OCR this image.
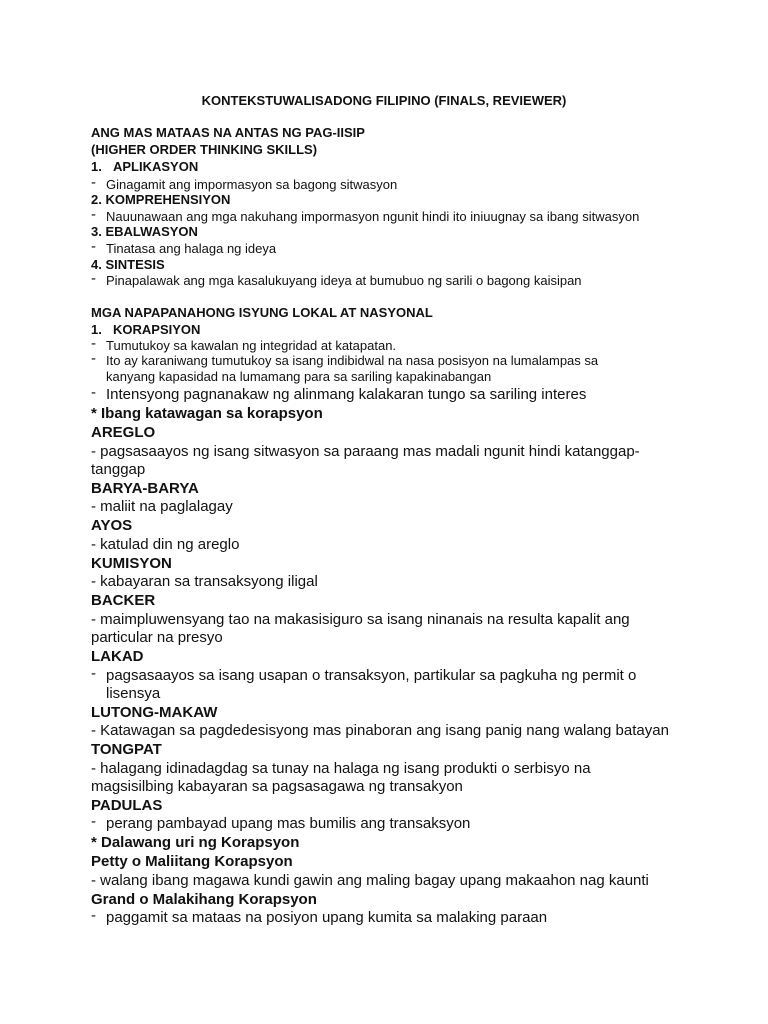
KONTEKSTUWALISADONG FILIPINO (FINALS, REVIEWER)
ANG MAS MATAAS NA ANTAS NG PAG-IISIP
(HIGHER ORDER THINKING SKILLS)
1. APLIKASYON
- Ginagamit ang impormasyon sa bagong sitwasyon
2. KOMPREHENSIYON
- Nauunawaan ang mga nakuhang impormasyon ngunit hindi ito iniuugnay sa ibang sitwasyon
3. EBALWASYON
- Tinatasa ang halaga ng ideya
4. SINTESIS
- Pinapalawak ang mga kasalukuyang ideya at bumubuo ng sarili o bagong kaisipan
MGA NAPAPANAHONG ISYUNG LOKAL AT NASYONAL
1. KORAPSIYON
- Tumutukoy sa kawalan ng integridad at katapatan.
- Ito ay karaniwang tumutukoy sa isang indibidwal na nasa posisyon na lumalampas sa
kanyang kapasidad na lumamang para sa sariling kapakinabangan
- Intensyong pagnanakaw ng alinmang kalakaran tungo sa sariling interes
* Ibang katawagan sa korapsyon
AREGLO
- pagsasaayos ng isang sitwasyon sa paraang mas madali ngunit hindi katanggap-
tanggap
BARYA-BARYA
- maliit na paglalagay
AYOS
- katulad din ng areglo
KUMISYON
- kabayaran sa transaksyong iligal
BACKER
- maimpluwensyang tao na makasisiguro sa isang ninanais na resulta kapalit ang
particular na presyo
LAKAD
- pagsasaayos sa isang usapan o transaksyon, partikular sa pagkuha ng permit o
lisensya
LUTONG-MAKAW
- Katawagan sa pagdedesisyong mas pinaboran ang isang panig nang walang batayan
TONGPAT
- halagang idinadagdag sa tunay na halaga ng isang produkti o serbisyo na
magsisilbing kabayaran sa pagsasagawa ng transakyon
PADULAS
- perang pambayad upang mas bumilis ang transaksyon
* Dalawang uri ng Korapsyon
Petty o Maliitang Korapsyon
- walang ibang magawa kundi gawin ang maling bagay upang makaahon nag kaunti
Grand o Malakihang Korapsyon
- paggamit sa mataas na posiyon upang kumita sa malaking paraan
